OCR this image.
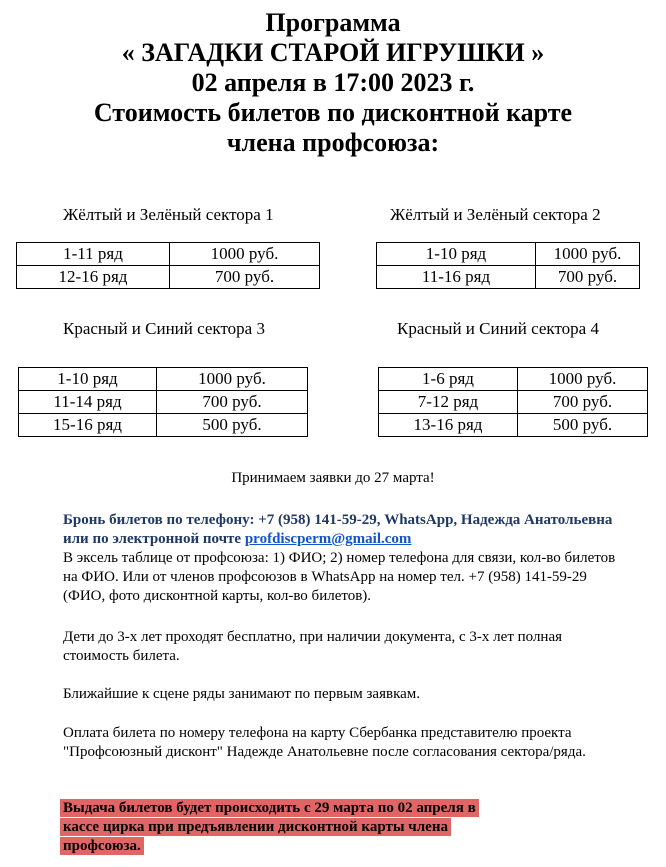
Программа

« ЗАГАДКИ СТАРОЙ ИГРУШКИ »

02 апреля в 17:00 2023 г.

Стоимость билетов по дисконтной карте

члена профсоюза:

Жёлтый и Зелёный сектора 1
1-11 ряд	1000 руб.
12-16 ряд	700 руб.
Жёлтый и Зелёный сектора 2
1-10 ряд	1000 руб.
11-16 ряд	700 руб.
Красный и Синий сектора 3
1-10 ряд	1000 руб.
11-14 ряд	700 руб.
15-16 ряд	500 руб.
Красный и Синий сектора 4
1-6 ряд	1000 руб.
7-12 ряд	700 руб.
13-16 ряд	500 руб.
Принимаем заявки до 27 марта!
Бронь билетов по телефону: +7 (958) 141-59-29, WhatsApp, Надежда Анатольевна или по электронной почте profdiscperm@gmail.com
В эксель таблице от профсоюза: 1) ФИО; 2) номер телефона для связи, кол-во билетов на ФИО. Или от членов профсоюзов в WhatsApp на номер тел. +7 (958) 141-59-29 (ФИО, фото дисконтной карты, кол-во билетов).
Дети до 3-х лет проходят бесплатно, при наличии документа, с 3-х лет полная стоимость билета.
Ближайшие к сцене ряды занимают по первым заявкам.
Оплата билета по номеру телефона на карту Сбербанка представителю проекта "Профсоюзный дисконт" Надежде Анатольевне после согласования сектора/ряда.
Выдача билетов будет происходить с 29 марта по 02 апреля в
кассе цирка при предъявлении дисконтной карты члена
профсоюза.
